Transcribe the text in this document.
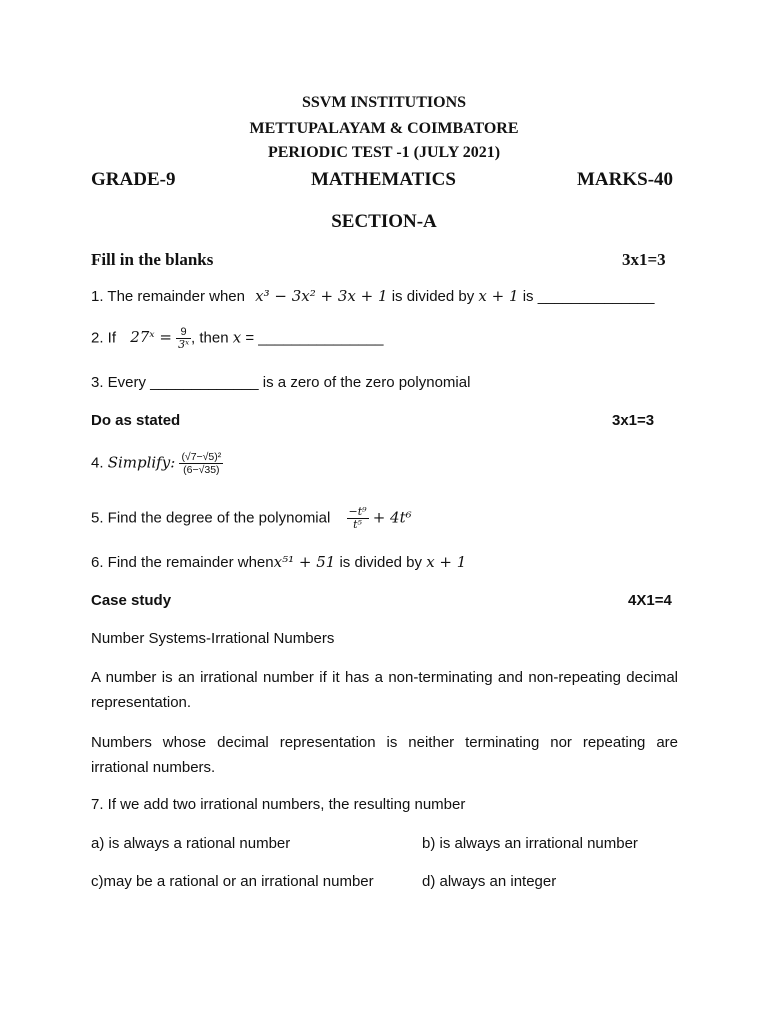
SSVM INSTITUTIONS
METTUPALAYAM & COIMBATORE
PERIODIC TEST -1 (JULY 2021)
GRADE-9	MATHEMATICS	MARKS-40
SECTION-A
Fill in the blanks	3x1=3
1. The remainder when x³ − 3x² + 3x + 1 is divided by x + 1 is ______________
2. If 27ˣ = $\frac{9}{\text{3ˣ}}$ , then x = _______________
3. Every _____________ is a zero of the zero polynomial
Do as stated	3x1=3
4. Simplify: $\frac{\text{(√7−√5)²}}{(6-√35)}$
5. Find the degree of the polynomial $\frac{\text{−t⁹}}{\text{t⁵}} + 4t^6$
6. Find the remainder whenx⁵¹ + 51 is divided by x + 1
Case study	4X1=4
Number Systems-Irrational Numbers
A number is an irrational number if it has a non-terminating and non-repeating decimal representation.
Numbers whose decimal representation is neither terminating nor repeating are irrational numbers.
7. If we add two irrational numbers, the resulting number
a) is always a rational number	b) is always an irrational number
c)may be a rational or an irrational number	d) always an integer
